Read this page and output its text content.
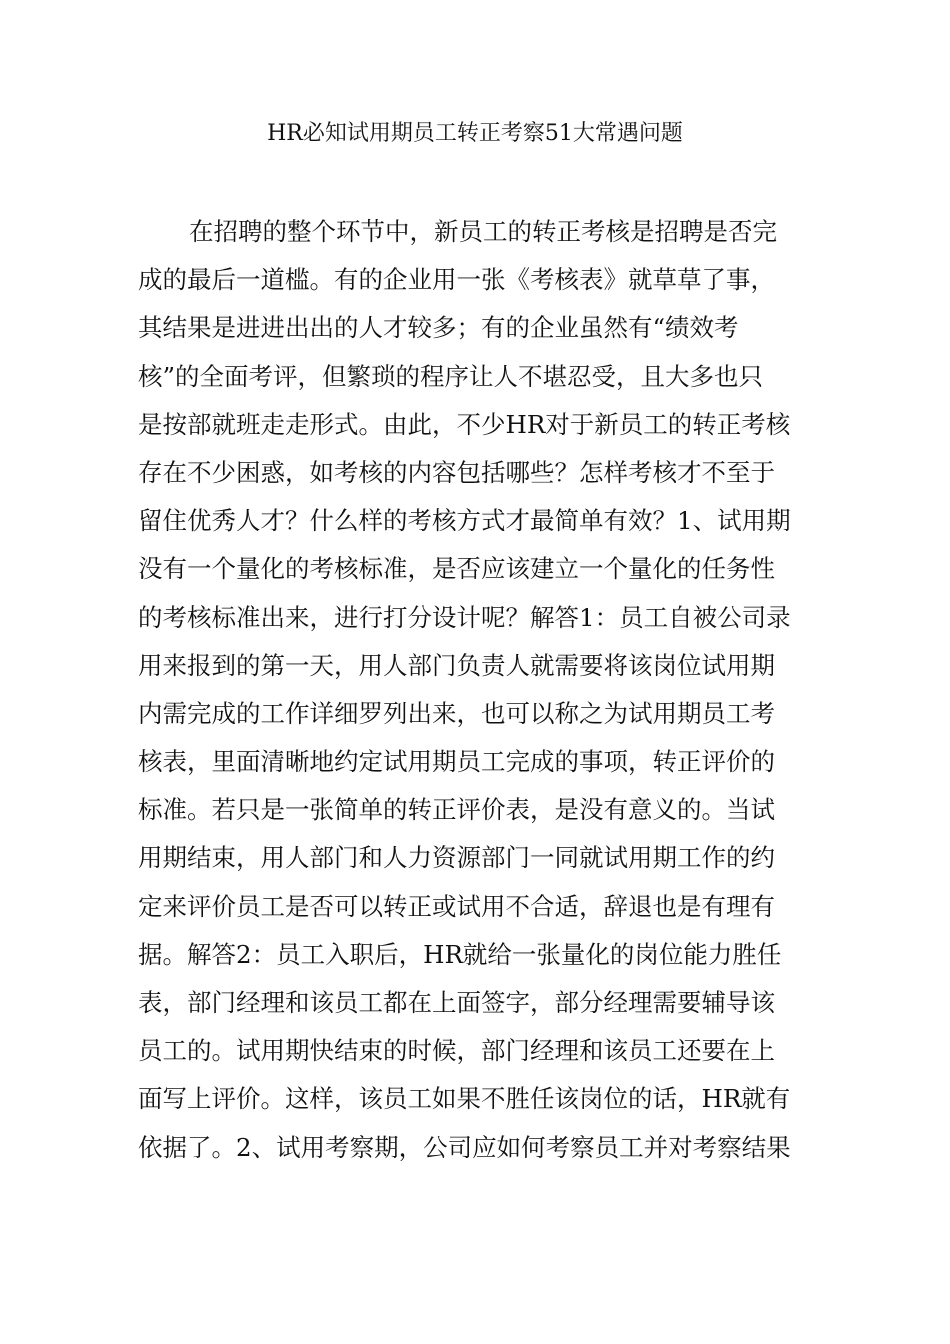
HR必知试用期员工转正考察51大常遇问题
在招聘的整个环节中，新员工的转正考核是招聘是否完
成的最后一道槛。有的企业用一张《考核表》就草草了事，
其结果是进进出出的人才较多；有的企业虽然有“绩效考
核”的全面考评，但繁琐的程序让人不堪忍受，且大多也只
是按部就班走走形式。由此，不少HR对于新员工的转正考核
存在不少困惑，如考核的内容包括哪些？怎样考核才不至于
留住优秀人才？什么样的考核方式才最简单有效？1、试用期
没有一个量化的考核标准，是否应该建立一个量化的任务性
的考核标准出来，进行打分设计呢？解答1：员工自被公司录
用来报到的第一天，用人部门负责人就需要将该岗位试用期
内需完成的工作详细罗列出来，也可以称之为试用期员工考
核表，里面清晰地约定试用期员工完成的事项，转正评价的
标准。若只是一张简单的转正评价表，是没有意义的。当试
用期结束，用人部门和人力资源部门一同就试用期工作的约
定来评价员工是否可以转正或试用不合适，辞退也是有理有
据。解答2：员工入职后，HR就给一张量化的岗位能力胜任
表，部门经理和该员工都在上面签字，部分经理需要辅导该
员工的。试用期快结束的时候，部门经理和该员工还要在上
面写上评价。这样，该员工如果不胜任该岗位的话，HR就有
依据了。2、试用考察期，公司应如何考察员工并对考察结果
